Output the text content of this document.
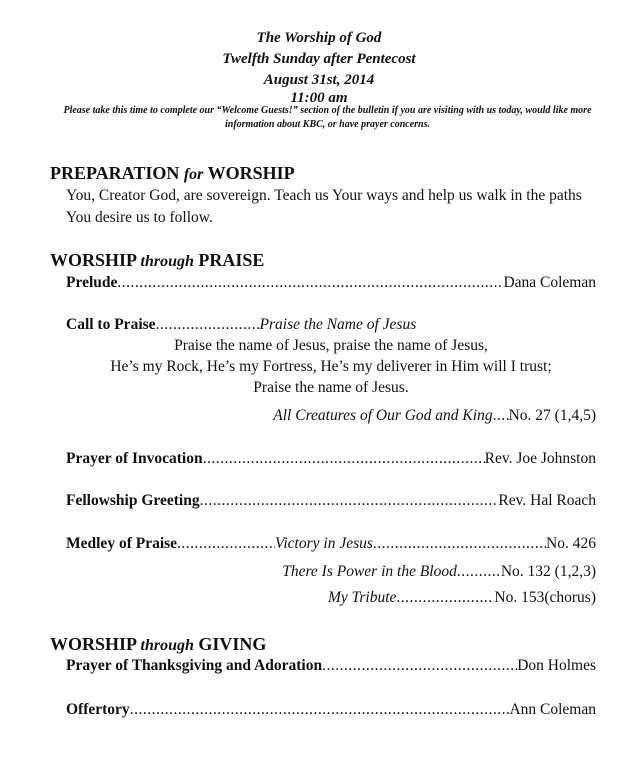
The Worship of God
Twelfth Sunday after Pentecost
August 31st, 2014
11:00 am
Please take this time to complete our “Welcome Guests!” section of the bulletin if you are visiting with us today, would like more information about KBC, or have prayer concerns.
PREPARATION for WORSHIP
You, Creator God, are sovereign. Teach us Your ways and help us walk in the paths You desire us to follow.
WORSHIP through PRAISE
Prelude .....	Dana Coleman
Call to Praise .....	Praise the Name of Jesus
Praise the name of Jesus, praise the name of Jesus,
He’s my Rock, He’s my Fortress, He’s my deliverer in Him will I trust;
Praise the name of Jesus.
All Creatures of Our God and King ..... No. 27 (1,4,5)
Prayer of Invocation .....	Rev. Joe Johnston
Fellowship Greeting .....	Rev. Hal Roach
Medley of Praise .....	Victory in Jesus .....	No. 426
There Is Power in the Blood .....	No. 132 (1,2,3)
My Tribute .....	No. 153(chorus)
WORSHIP through GIVING
Prayer of Thanksgiving and Adoration .....	Don Holmes
Offertory .....	Ann Coleman
